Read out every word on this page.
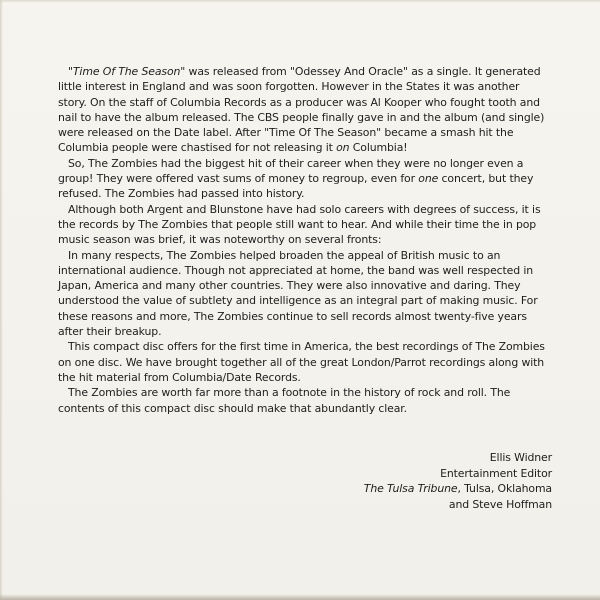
"Time Of The Season" was released from "Odessey And Oracle" as a single. It generated little interest in England and was soon forgotten. However in the States it was another story. On the staff of Columbia Records as a producer was Al Kooper who fought tooth and nail to have the album released. The CBS people finally gave in and the album (and single) were released on the Date label. After "Time Of The Season" became a smash hit the Columbia people were chastised for not releasing it on Columbia!

So, The Zombies had the biggest hit of their career when they were no longer even a group! They were offered vast sums of money to regroup, even for one concert, but they refused. The Zombies had passed into history.

Although both Argent and Blunstone have had solo careers with degrees of success, it is the records by The Zombies that people still want to hear. And while their time the in pop music season was brief, it was noteworthy on several fronts:

In many respects, The Zombies helped broaden the appeal of British music to an international audience. Though not appreciated at home, the band was well respected in Japan, America and many other countries. They were also innovative and daring. They understood the value of subtlety and intelligence as an integral part of making music. For these reasons and more, The Zombies continue to sell records almost twenty-five years after their breakup.

This compact disc offers for the first time in America, the best recordings of The Zombies on one disc. We have brought together all of the great London/Parrot recordings along with the hit material from Columbia/Date Records.

The Zombies are worth far more than a footnote in the history of rock and roll. The contents of this compact disc should make that abundantly clear.

Ellis Widner
Entertainment Editor
The Tulsa Tribune, Tulsa, Oklahoma
and Steve Hoffman
